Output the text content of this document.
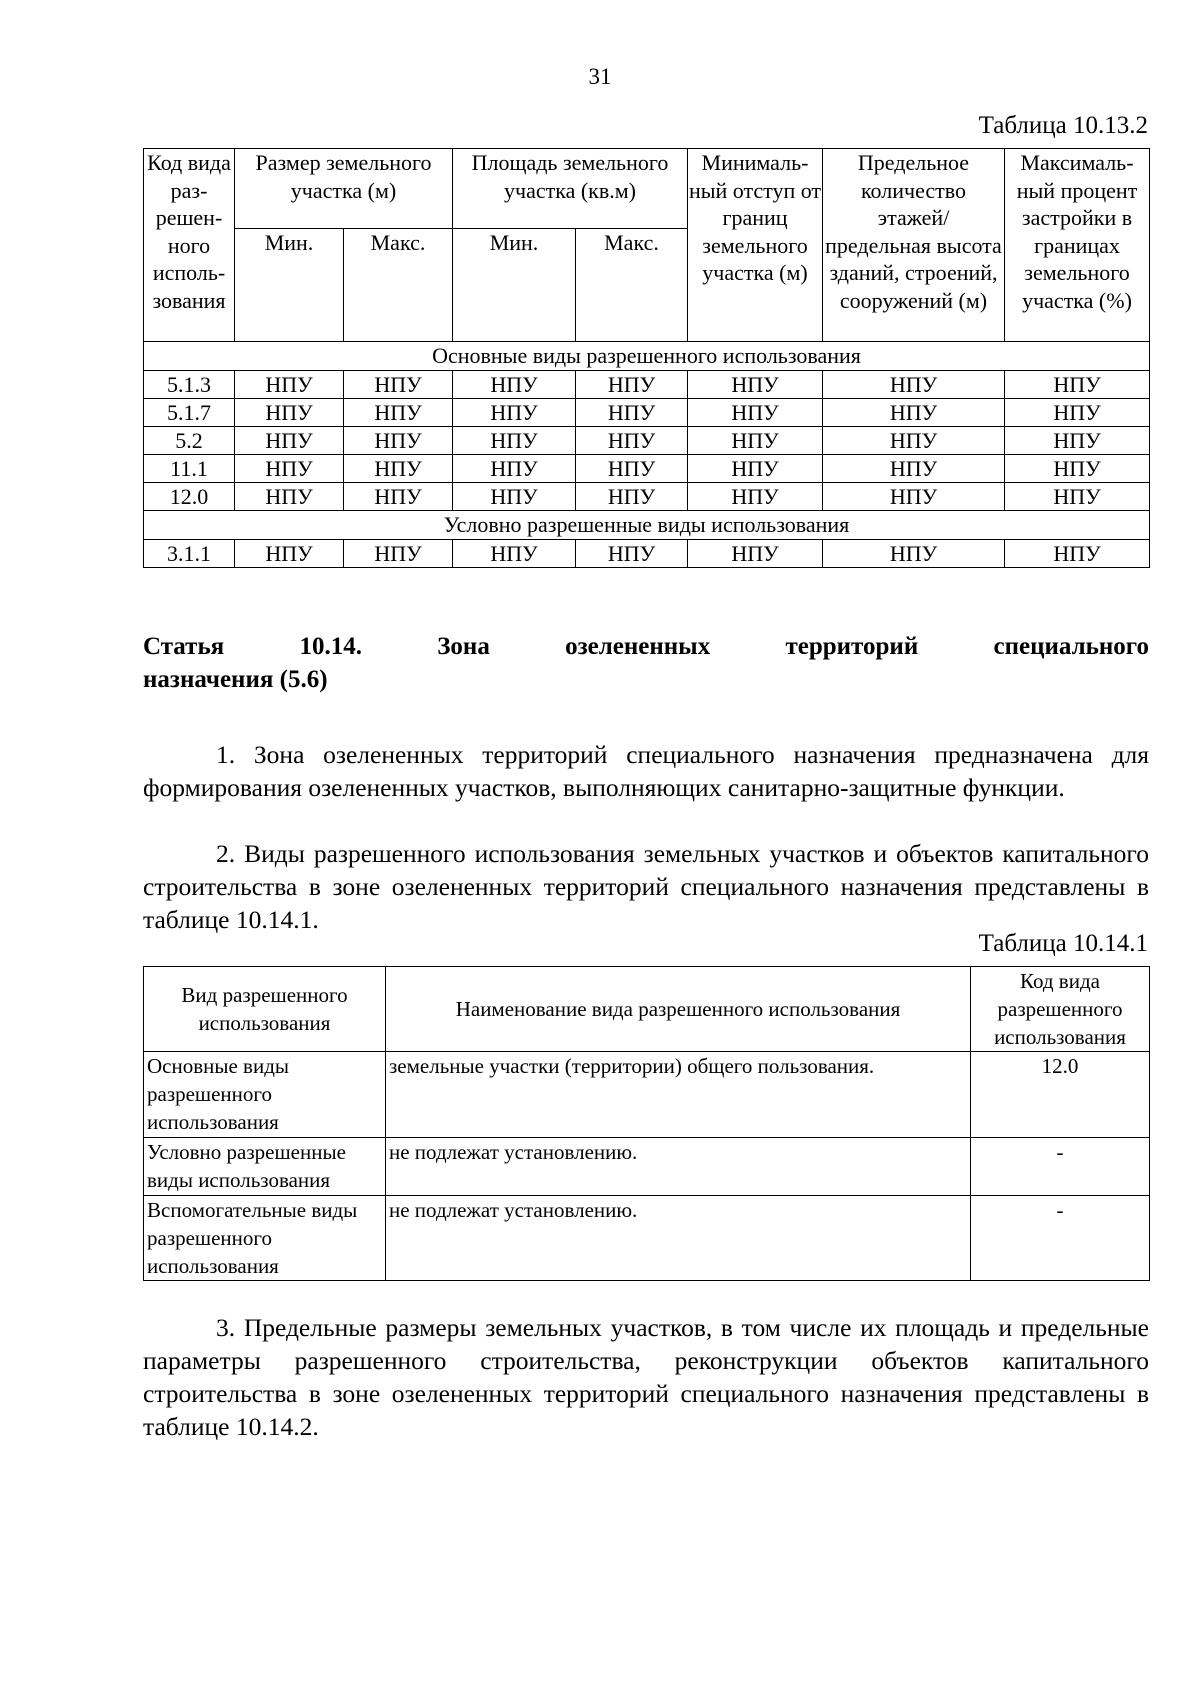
31
Таблица 10.13.2
Код вида раз- решен- ного исполь- зования	Размер земельного участка (м)		Площадь земельного участка (кв.м)		Минималь- ный отступ от границ земельного участка (м)	Предельное количество этажей/ предельная высота зданий, строений, сооружений (м)	Максималь- ный процент застройки в границах земельного участка (%)
	Мин.	Макс.	Мин.	Макс.			
Основные виды разрешенного использования							
5.1.3	НПУ	НПУ	НПУ	НПУ	НПУ	НПУ	НПУ
5.1.7	НПУ	НПУ	НПУ	НПУ	НПУ	НПУ	НПУ
5.2	НПУ	НПУ	НПУ	НПУ	НПУ	НПУ	НПУ
11.1	НПУ	НПУ	НПУ	НПУ	НПУ	НПУ	НПУ
12.0	НПУ	НПУ	НПУ	НПУ	НПУ	НПУ	НПУ
Условно разрешенные виды использования							
3.1.1	НПУ	НПУ	НПУ	НПУ	НПУ	НПУ	НПУ
Статья 10.14. Зона озелененных территорий специального
назначения (5.6)

1. Зона озелененных территорий специального назначения предназначена для формирования озелененных участков, выполняющих санитарно-защитные функции.

2. Виды разрешенного использования земельных участков и объектов капитального строительства в зоне озелененных территорий специального назначения представлены в таблице 10.14.1.

Таблица 10.14.1
Вид разрешенного использования	Наименование вида разрешенного использования	Код вида разрешенного использования
Основные виды разрешенного использования	земельные участки (территории) общего пользования.	12.0
Условно разрешенные виды использования	не подлежат установлению.	-
Вспомогательные виды разрешенного использования	не подлежат установлению.	-

3. Предельные размеры земельных участков, в том числе их площадь и предельные параметры разрешенного строительства, реконструкции объектов капитального строительства в зоне озелененных территорий специального назначения представлены в таблице 10.14.2.
